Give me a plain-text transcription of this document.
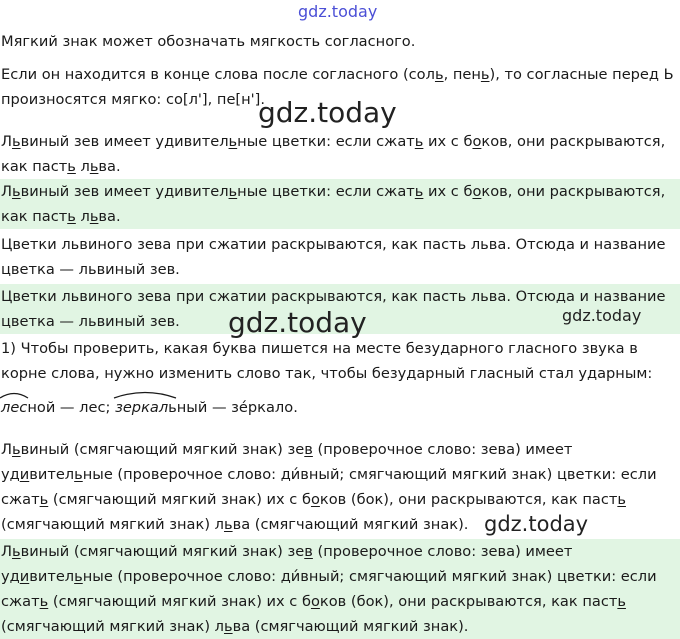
gdz.today
Мягкий знак может обозначать мягкость согласного.
Если он находится в конце слова после согласного (соль, пень), то согласные перед Ь произносятся мягко: со[л'], пе[н'].
gdz.today
Львиный зев имеет удивительные цветки: если сжать их с боков, они раскрываются, как пасть льва.
Львиный зев имеет удивительные цветки: если сжать их с боков, они раскрываются, как пасть льва.
Цветки львиного зева при сжатии раскрываются, как пасть льва. Отсюда и название цветка — львиный зев.
Цветки львиного зева при сжатии раскрываются, как пасть льва. Отсюда и название цветка — львиный зев.	gdz.today	gdz.today
1) Чтобы проверить, какая буква пишется на месте безударного гласного звука в корне слова, нужно изменить слово так, чтобы безударный гласный стал ударным:
лесной — лес;
зеркальный — зе́ркало.
Львиный (смягчающий мягкий знак) зев (проверочное слово: зева) имеет удивительные (проверочное слово: ди́вный; смягчающий мягкий знак) цветки: если сжать (смягчающий мягкий знак) их с боков (бок), они раскрываются, как пасть (смягчающий мягкий знак) льва (смягчающий мягкий знак). gdz.today
Львиный (смягчающий мягкий знак) зев (проверочное слово: зева) имеет удивительные (проверочное слово: ди́вный; смягчающий мягкий знак) цветки: если сжать (смягчающий мягкий знак) их с боков (бок), они раскрываются, как пасть (смягчающий мягкий знак) льва (смягчающий мягкий знак).
